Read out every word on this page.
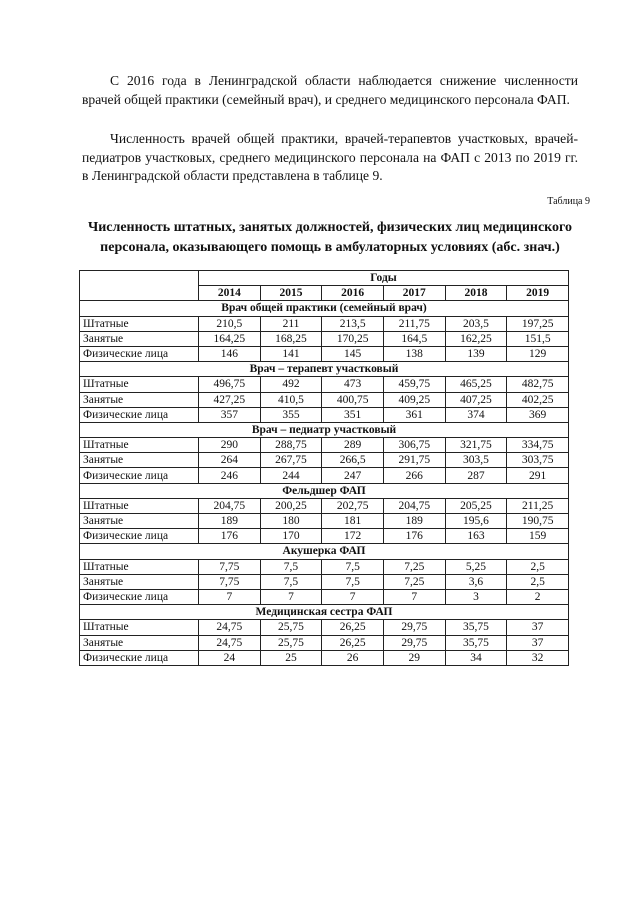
С 2016 года в Ленинградской области наблюдается снижение численности врачей общей практики (семейный врач), и среднего медицинского персонала ФАП.

Численность врачей общей практики, врачей-терапевтов участковых, врачей-педиатров участковых, среднего медицинского персонала на ФАП с 2013 по 2019 гг. в Ленинградской области представлена в таблице 9.

Таблица 9

Численность штатных, занятых должностей, физических лиц медицинского
персонала, оказывающего помощь в амбулаторных условиях (абс. знач.)
	Годы					
	2014	2015	2016	2017	2018	2019
Врач общей практики (семейный врач)						
Штатные	210,5	211	213,5	211,75	203,5	197,25
Занятые	164,25	168,25	170,25	164,5	162,25	151,5
Физические лица	146	141	145	138	139	129
Врач – терапевт участковый						
Штатные	496,75	492	473	459,75	465,25	482,75
Занятые	427,25	410,5	400,75	409,25	407,25	402,25
Физические лица	357	355	351	361	374	369
Врач – педиатр участковый						
Штатные	290	288,75	289	306,75	321,75	334,75
Занятые	264	267,75	266,5	291,75	303,5	303,75
Физические лица	246	244	247	266	287	291
Фельдшер ФАП						
Штатные	204,75	200,25	202,75	204,75	205,25	211,25
Занятые	189	180	181	189	195,6	190,75
Физические лица	176	170	172	176	163	159
Акушерка ФАП						
Штатные	7,75	7,5	7,5	7,25	5,25	2,5
Занятые	7,75	7,5	7,5	7,25	3,6	2,5
Физические лица	7	7	7	7	3	2
Медицинская сестра ФАП						
Штатные	24,75	25,75	26,25	29,75	35,75	37
Занятые	24,75	25,75	26,25	29,75	35,75	37
Физические лица	24	25	26	29	34	32
